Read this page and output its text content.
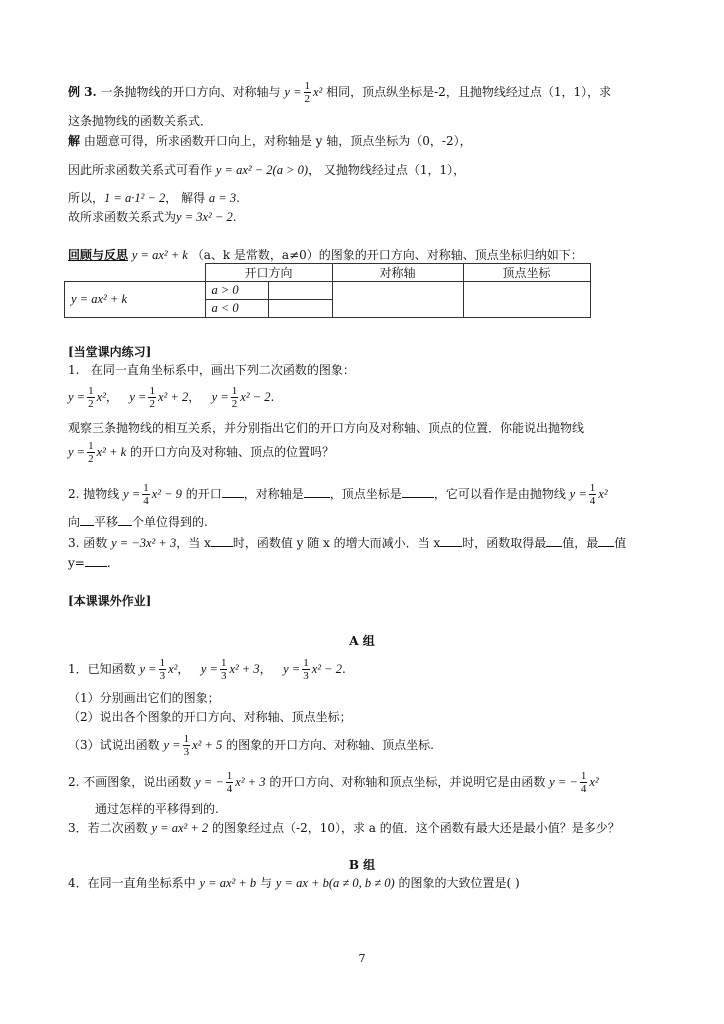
例 3. 一条抛物线的开口方向、对称轴与 $y = \frac{1}{2} x^2$ 相同，顶点纵坐标是-2，且抛物线经过点（1，1），求
这条抛物线的函数关系式．
解 由题意可得，所求函数开口向上，对称轴是 y 轴，顶点坐标为（0，-2），
因此所求函数关系式可看作 y = ax² − 2(a > 0)， 又抛物线经过点（1，1），
所以，1 = a·1² − 2， 解得 a = 3.
故所求函数关系式为y = 3x² − 2.
回顾与反思 y = ax² + k （a、k 是常数，a≠0）的图象的开口方向、对称轴、顶点坐标归纳如下：
	开口方向		对称轴	顶点坐标
y = ax² + k	a > 0			
	a < 0			
[当堂课内练习]
1. 在同一直角坐标系中，画出下列二次函数的图象：
$y = \frac{1}{2} x^2$，   $y = \frac{1}{2} x^2 + 2$，   $y = \frac{1}{2} x^2 - 2$.
观察三条抛物线的相互关系，并分别指出它们的开口方向及对称轴、顶点的位置．你能说出抛物线
$y = \frac{1}{2} x^2 + k$ 的开口方向及对称轴、顶点的位置吗？
2. 抛物线 $y = \frac{1}{4} x^2 - 9$ 的开口 ，对称轴是 ，顶点坐标是	，它可以看作是由抛物线 $y = \frac{1}{4} x^2$
向 平移 个单位得到的.
3. 函数 y = −3x² + 3，当 x 时，函数值 y 随 x 的增大而减小．当 x 时，函数取得最 值，最 值
y= .
[本课课外作业]
A 组
1．已知函数 $y = \frac{1}{3} x^2$，   $y = \frac{1}{3} x^2 + 3$，   $y = \frac{1}{3} x^2 - 2$.
（1）分别画出它们的图象；
（2）说出各个图象的开口方向、对称轴、顶点坐标；
（3）试说出函数 $y = \frac{1}{3} x^2 + 5$ 的图象的开口方向、对称轴、顶点坐标.
2. 不画图象，说出函数 y = − $\frac{1}{4} x^2 + 3$ 的开口方向、对称轴和顶点坐标，并说明它是由函数 y = − $\frac{1}{4} x^2$
通过怎样的平移得到的.
3．若二次函数 y = ax² + 2 的图象经过点（-2，10），求 a 的值．这个函数有最大还是最小值？是多少？
B 组
4．在同一直角坐标系中 y = ax² + b 与 y = ax + b(a ≠ 0, b ≠ 0) 的图象的大致位置是( )
7
